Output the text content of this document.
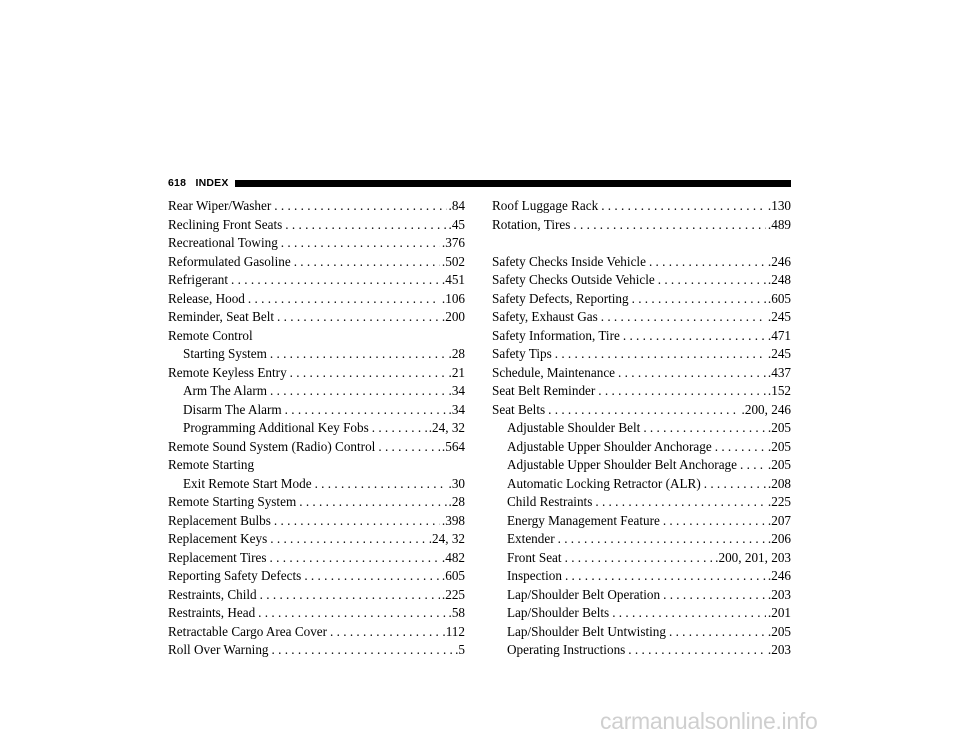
618   INDEX
Rear Wiper/Washer . . .	.84
Reclining Front Seats . . .	.45
Recreational Towing . . .	.376
Reformulated Gasoline . . .	.502
Refrigerant . . .	.451
Release, Hood . . .	.106
Reminder, Seat Belt . . .	.200
Remote Control
Starting System . . .	.28
Remote Keyless Entry . . .	.21
Arm The Alarm . . .	.34
Disarm The Alarm . . .	.34
Programming Additional Key Fobs . . .	.24, 32
Remote Sound System (Radio) Control . . .	.564
Remote Starting
Exit Remote Start Mode . . .	.30
Remote Starting System . . .	.28
Replacement Bulbs . . .	.398
Replacement Keys . . .	.24, 32
Replacement Tires . . .	.482
Reporting Safety Defects . . .	.605
Restraints, Child . . .	.225
Restraints, Head . . .	.58
Retractable Cargo Area Cover . . .	.112
Roll Over Warning . . .	.5
Roof Luggage Rack . . .	.130
Rotation, Tires . . .	.489
Safety Checks Inside Vehicle . . .	.246
Safety Checks Outside Vehicle . . .	.248
Safety Defects, Reporting . . .	.605
Safety, Exhaust Gas . . .	.245
Safety Information, Tire . . .	.471
Safety Tips . . .	.245
Schedule, Maintenance . . .	.437
Seat Belt Reminder . . .	.152
Seat Belts . . .	.200, 246
Adjustable Shoulder Belt . . .	.205
Adjustable Upper Shoulder Anchorage . . .	.205
Adjustable Upper Shoulder Belt Anchorage . . . .205
Automatic Locking Retractor (ALR) . . .	.208
Child Restraints . . .	.225
Energy Management Feature . . .	.207
Extender . . .	.206
Front Seat . . .	.200, 201, 203
Inspection . . .	.246
Lap/Shoulder Belt Operation . . .	.203
Lap/Shoulder Belts . . .	.201
Lap/Shoulder Belt Untwisting . . .	.205
Operating Instructions . . .	.203
carmanualsonline.info
